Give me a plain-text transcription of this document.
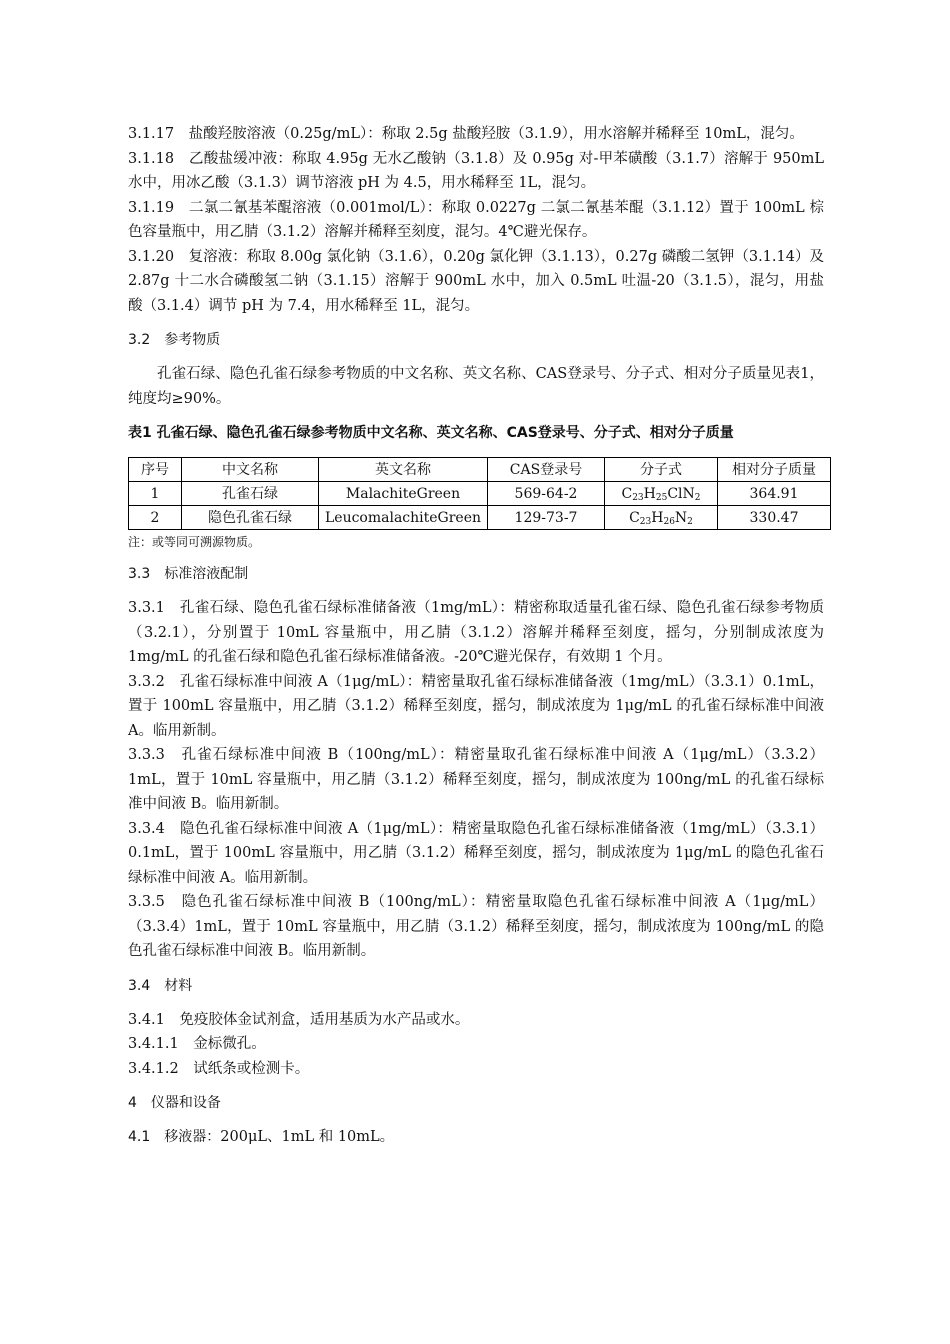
3.1.17　盐酸羟胺溶液（0.25g/mL）：称取 2.5g 盐酸羟胺（3.1.9），用水溶解并稀释至 10mL，混匀。

3.1.18　乙酸盐缓冲液：称取 4.95g 无水乙酸钠（3.1.8）及 0.95g 对-甲苯磺酸（3.1.7）溶解于 950mL 水中，用冰乙酸（3.1.3）调节溶液 pH 为 4.5，用水稀释至 1L，混匀。

3.1.19　二氯二氰基苯醌溶液（0.001mol/L）：称取 0.0227g 二氯二氰基苯醌（3.1.12）置于 100mL 棕色容量瓶中，用乙腈（3.1.2）溶解并稀释至刻度，混匀。4℃避光保存。

3.1.20　复溶液：称取 8.00g 氯化钠（3.1.6），0.20g 氯化钾（3.1.13），0.27g 磷酸二氢钾（3.1.14）及 2.87g 十二水合磷酸氢二钠（3.1.15）溶解于 900mL 水中，加入 0.5mL 吐温-20（3.1.5），混匀，用盐酸（3.1.4）调节 pH 为 7.4，用水稀释至 1L，混匀。

3.2 参考物质

孔雀石绿、隐色孔雀石绿参考物质的中文名称、英文名称、CAS登录号、分子式、相对分子质量见表1，纯度均≥90%。

表1 孔雀石绿、隐色孔雀石绿参考物质中文名称、英文名称、CAS登录号、分子式、相对分子质量

序号	中文名称	英文名称	CAS登录号	分子式	相对分子质量
1	孔雀石绿	MalachiteGreen	569-64-2	$C_{23}H_{25}ClN_2$	364.91
2	隐色孔雀石绿	LeucomalachiteGreen	129-73-7	$C_{23}H_{26}N_2$	330.47

注：或等同可溯源物质。

3.3 标准溶液配制

3.3.1　孔雀石绿、隐色孔雀石绿标准储备液（1mg/mL）：精密称取适量孔雀石绿、隐色孔雀石绿参考物质（3.2.1），分别置于 10mL 容量瓶中，用乙腈（3.1.2）溶解并稀释至刻度，摇匀，分别制成浓度为 1mg/mL 的孔雀石绿和隐色孔雀石绿标准储备液。-20℃避光保存，有效期 1 个月。

3.3.2　孔雀石绿标准中间液 A（1μg/mL）：精密量取孔雀石绿标准储备液（1mg/mL）（3.3.1）0.1mL，置于 100mL 容量瓶中，用乙腈（3.1.2）稀释至刻度，摇匀，制成浓度为 1μg/mL 的孔雀石绿标准中间液 A。临用新制。

3.3.3　孔雀石绿标准中间液 B（100ng/mL）：精密量取孔雀石绿标准中间液 A（1μg/mL）（3.3.2）1mL，置于 10mL 容量瓶中，用乙腈（3.1.2）稀释至刻度，摇匀，制成浓度为 100ng/mL 的孔雀石绿标准中间液 B。临用新制。

3.3.4　隐色孔雀石绿标准中间液 A（1μg/mL）：精密量取隐色孔雀石绿标准储备液（1mg/mL）（3.3.1）0.1mL，置于 100mL 容量瓶中，用乙腈（3.1.2）稀释至刻度，摇匀，制成浓度为 1μg/mL 的隐色孔雀石绿标准中间液 A。临用新制。

3.3.5　隐色孔雀石绿标准中间液 B（100ng/mL）：精密量取隐色孔雀石绿标准中间液 A（1μg/mL）（3.3.4）1mL，置于 10mL 容量瓶中，用乙腈（3.1.2）稀释至刻度，摇匀，制成浓度为 100ng/mL 的隐色孔雀石绿标准中间液 B。临用新制。

3.4 材料

3.4.1　免疫胶体金试剂盒，适用基质为水产品或水。

3.4.1.1　金标微孔。

3.4.1.2　试纸条或检测卡。

4 仪器和设备

4.1 移液器：200μL、1mL 和 10mL。
